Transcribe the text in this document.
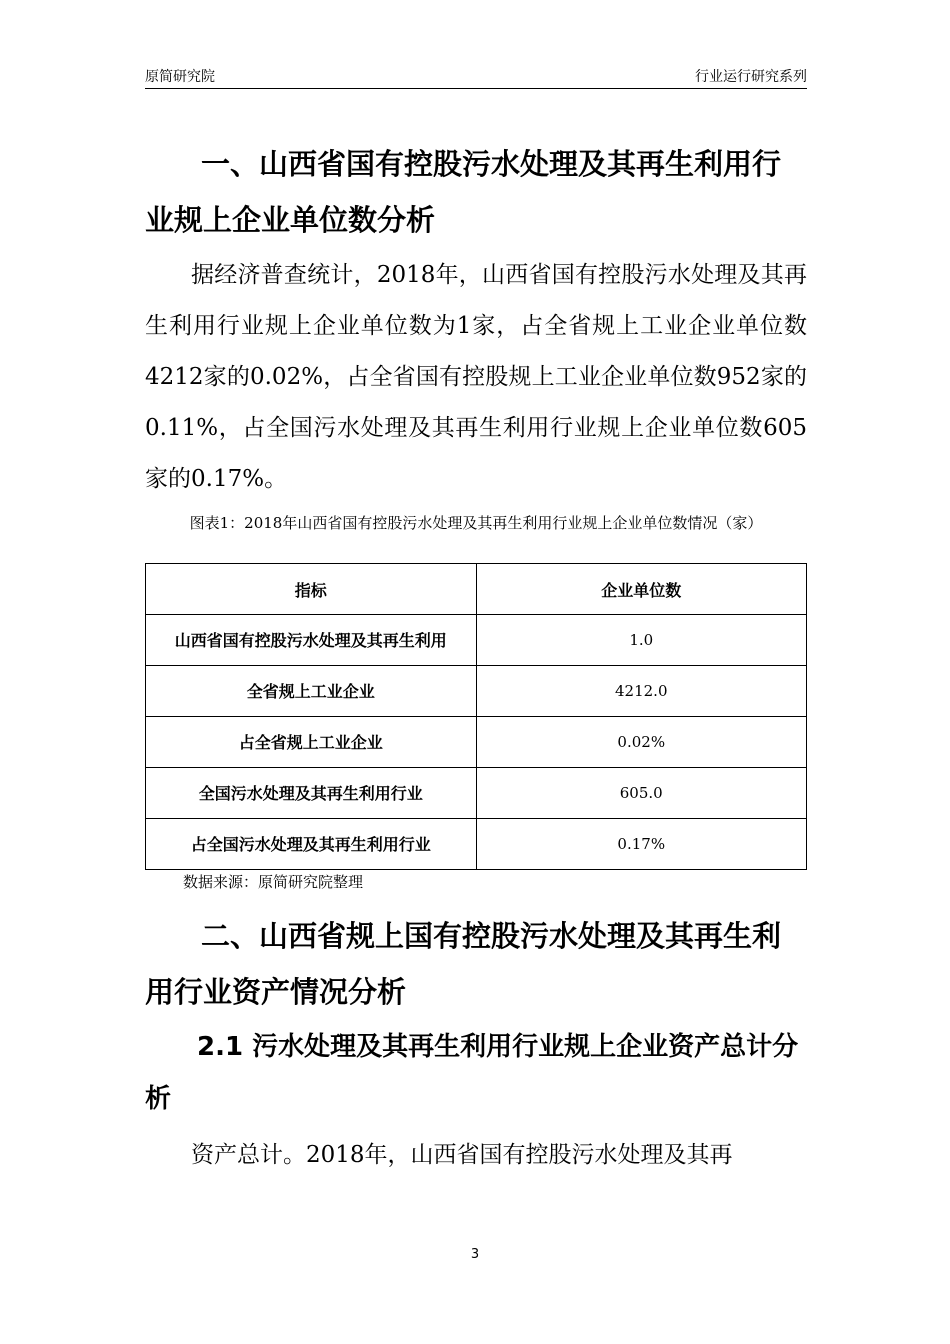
原简研究院	行业运行研究系列
一、山西省国有控股污水处理及其再生利用行业规上企业单位数分析

据经济普查统计，2018年，山西省国有控股污水处理及其再生利用行业规上企业单位数为1家，占全省规上工业企业单位数4212家的0.02%，占全省国有控股规上工业企业单位数952家的0.11%，占全国污水处理及其再生利用行业规上企业单位数605家的0.17%。

图表1：2018年山西省国有控股污水处理及其再生利用行业规上企业单位数情况（家）
指标	企业单位数
山西省国有控股污水处理及其再生利用	1.0
全省规上工业企业	4212.0
占全省规上工业企业	0.02%
全国污水处理及其再生利用行业	605.0
占全国污水处理及其再生利用行业	0.17%
数据来源：原简研究院整理
二、山西省规上国有控股污水处理及其再生利用行业资产情况分析
2.1 污水处理及其再生利用行业规上企业资产总计分析

资产总计。2018年，山西省国有控股污水处理及其再

3
